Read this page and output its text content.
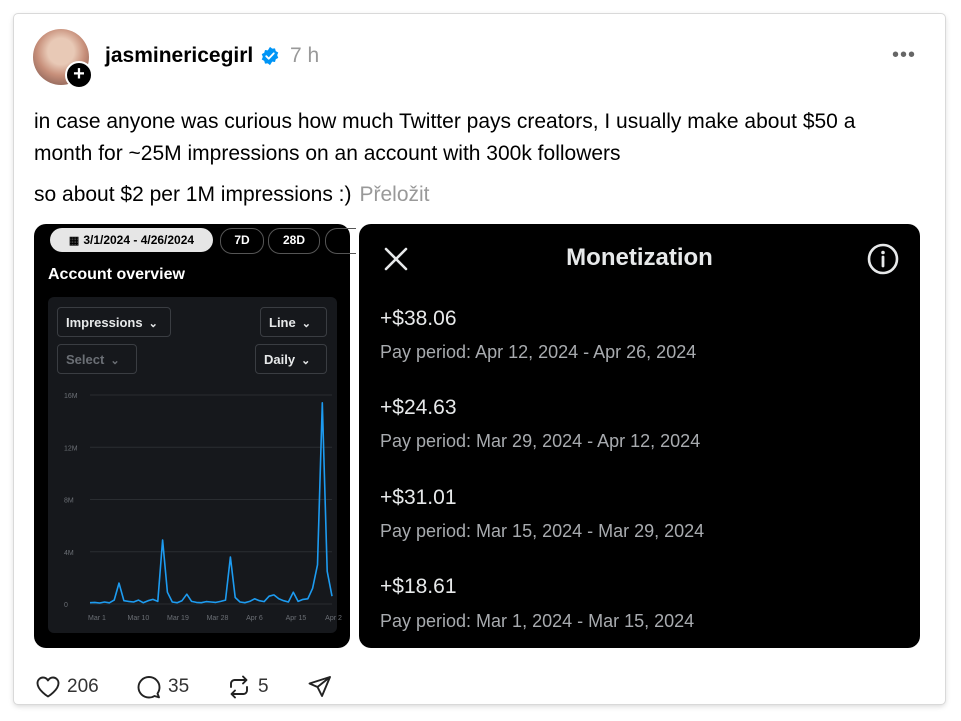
+
jasminericegirl 7 h	•••
in case anyone was curious how much Twitter pays creators, I usually make about $50 a month for ~25M impressions on an account with 300k followers
so about $2 per 1M impressions :) Přeložit
▦ 3/1/2024 - 4/26/2024	7D	28D
Account overview
Impressions ⌄	Line ⌄
Select ⌄	Daily ⌄
0
4M
8M
12M
16M
Mar 1	Mar 10	Mar 19	Mar 28	Apr 6	Apr 15	Apr 2
Monetization
+$38.06
Pay period: Apr 12, 2024 - Apr 26, 2024
+$24.63
Pay period: Mar 29, 2024 - Apr 12, 2024
+$31.01
Pay period: Mar 15, 2024 - Mar 29, 2024
+$18.61
Pay period: Mar 1, 2024 - Mar 15, 2024
206	35	5
